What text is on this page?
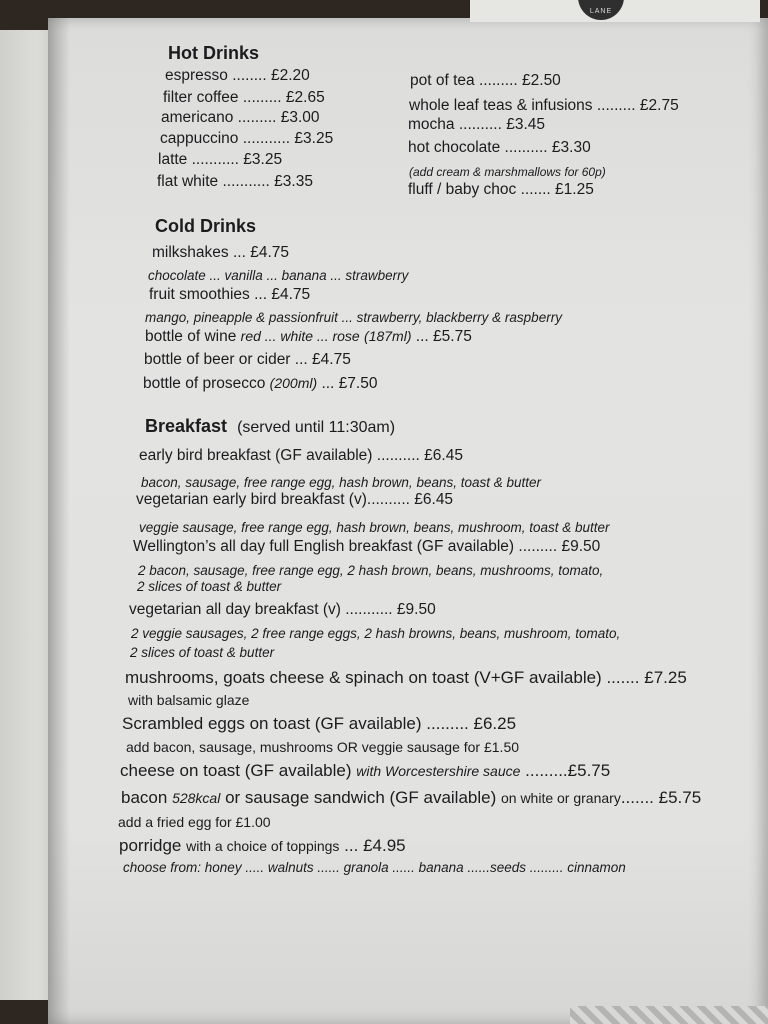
LANE
Hot Drinks
espresso ........ £2.20
filter coffee ......... £2.65
americano ......... £3.00
cappuccino ........... £3.25
latte ........... £3.25
flat white ........... £3.35
pot of tea ......... £2.50
whole leaf teas & infusions ......... £2.75
mocha .......... £3.45
hot chocolate .......... £3.30
(add cream & marshmallows for 60p)
fluff / baby choc ....... £1.25
Cold Drinks
milkshakes ... £4.75
chocolate ... vanilla ... banana ... strawberry
fruit smoothies ... £4.75
mango, pineapple & passionfruit ... strawberry, blackberry & raspberry
bottle of wine red ... white ... rose (187ml) ... £5.75
bottle of beer or cider ... £4.75
bottle of prosecco (200ml) ... £7.50
Breakfast (served until 11:30am)
early bird breakfast (GF available) .......... £6.45
bacon, sausage, free range egg, hash brown, beans, toast & butter
vegetarian early bird breakfast (v).......... £6.45
veggie sausage, free range egg, hash brown, beans, mushroom, toast & butter
Wellington’s all day full English breakfast (GF available) ......... £9.50
2 bacon, sausage, free range egg, 2 hash brown, beans, mushrooms, tomato,
2 slices of toast & butter
vegetarian all day breakfast (v) ........... £9.50
2 veggie sausages, 2 free range eggs, 2 hash browns, beans, mushroom, tomato,
2 slices of toast & butter
mushrooms, goats cheese & spinach on toast (V+GF available) ....... £7.25
with balsamic glaze
Scrambled eggs on toast (GF available) ......... £6.25
add bacon, sausage, mushrooms OR veggie sausage for £1.50
cheese on toast (GF available) with Worcestershire sauce .........£5.75
bacon 528kcal or sausage sandwich (GF available) on white or granary....... £5.75
add a fried egg for £1.00
porridge with a choice of toppings ... £4.95
choose from: honey ..... walnuts ...... granola ...... banana ......seeds ......... cinnamon
